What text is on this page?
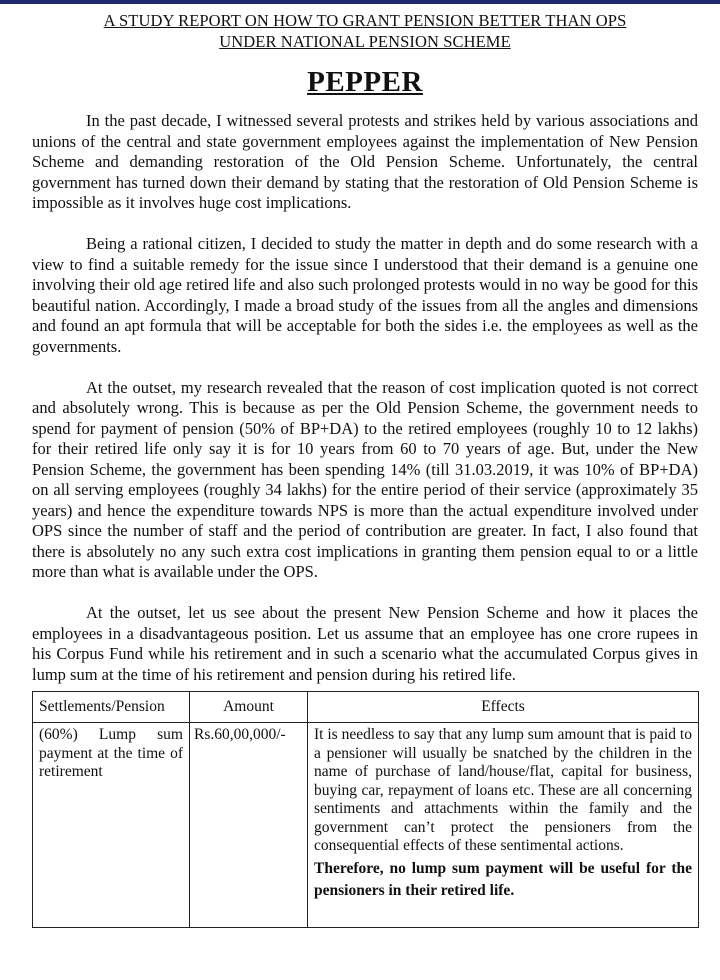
A STUDY REPORT ON HOW TO GRANT PENSION BETTER THAN OPS
UNDER NATIONAL PENSION SCHEME
PEPPER

In the past decade, I witnessed several protests and strikes held by various associations and unions of the central and state government employees against the implementation of New Pension Scheme and demanding restoration of the Old Pension Scheme. Unfortunately, the central government has turned down their demand by stating that the restoration of Old Pension Scheme is impossible as it involves huge cost implications.

Being a rational citizen, I decided to study the matter in depth and do some research with a view to find a suitable remedy for the issue since I understood that their demand is a genuine one involving their old age retired life and also such prolonged protests would in no way be good for this beautiful nation. Accordingly, I made a broad study of the issues from all the angles and dimensions and found an apt formula that will be acceptable for both the sides i.e. the employees as well as the governments.

At the outset, my research revealed that the reason of cost implication quoted is not correct and absolutely wrong. This is because as per the Old Pension Scheme, the government needs to spend for payment of pension (50% of BP+DA) to the retired employees (roughly 10 to 12 lakhs) for their retired life only say it is for 10 years from 60 to 70 years of age. But, under the New Pension Scheme, the government has been spending 14% (till 31.03.2019, it was 10% of BP+DA) on all serving employees (roughly 34 lakhs) for the entire period of their service (approximately 35 years) and hence the expenditure towards NPS is more than the actual expenditure involved under OPS since the number of staff and the period of contribution are greater. In fact, I also found that there is absolutely no any such extra cost implications in granting them pension equal to or a little more than what is available under the OPS.

At the outset, let us see about the present New Pension Scheme and how it places the employees in a disadvantageous position. Let us assume that an employee has one crore rupees in his Corpus Fund while his retirement and in such a scenario what the accumulated Corpus gives in lump sum at the time of his retirement and pension during his retired life.

Settlements/Pension	Amount	Effects
(60%) Lump sum payment at the time of retirement	Rs.60,00,000/-	It is needless to say that any lump sum amount that is paid to a pensioner will usually be snatched by the children in the name of purchase of land/house/flat, capital for business, buying car, repayment of loans etc. These are all concerning sentiments and attachments within the family and the government can’t protect the pensioners from the consequential effects of these sentimental actions.
Therefore, no lump sum payment will be useful for the pensioners in their retired life.
